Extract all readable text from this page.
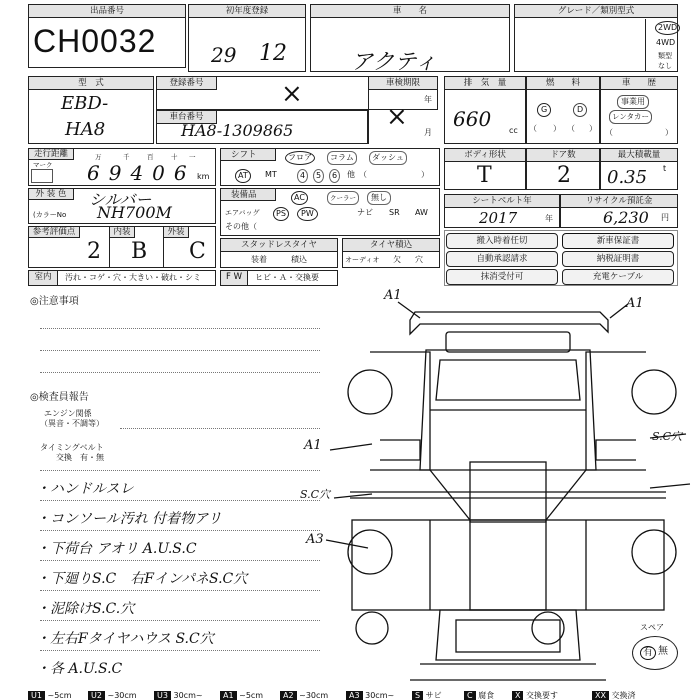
出品番号
CH0032
初年度登録
29 12
車　　名
アクティ
グレード／類別型式
2WD
4WD
類型
なし
型　式
EBD-
HA8
登録番号	×	車検期限
年
月
×
車台番号
HA8-1309865
排　気　量
660 cc
燃　　料
G	D
（ ） （ ）
車　　歴
事業用
レンタカー
（	）
走行距離
マーク
万	千	百	十 一
69406 km
シフト	フロア	コラム	ダッシュ
AT	MT	4	5	6	他 （	）
ボディ形状
T
ドア数
2
最大積載量
0.35 t
外 装 色	シルバー
(カラーNo NH700M
装備品	AC	クーラー	無し
エアバッグ	PS	PW	ナビ SR AW
その他（
シートベルト年
2017	年
リサイクル預託金
6,230 円
参考評価点
2
内装
B
外装
C	スタッドレスタイヤ
装着	積込
タイヤ積込
オーディオ 欠 穴
室内	汚れ・コゲ・穴・大きい・破れ・シミ	F W	ヒビ・Ａ・交換要
搬入時着任切	新車保証書
自動承認請求	納税証明書
抹消受付可	充電ケーブル
◎注意事項
◎検査員報告
エンジン関係
（異音・不調等）
タイミングベルト
交換　有・無
・ハンドルスレ
・コンソール汚れ 付着物アリ
・下荷台 アオリ A.U.S.C
・下廻りS.C　右FインパネS.C穴
・泥除けS.C.穴
・左右Fタイヤハウス S.C穴
・各 A.U.S.C
A1
A1
A1
S.C穴
A3
S.C穴
スペア
有 無
U1 ~5cm	U2 ~30cm	U3 30cm~	A1 ~5cm	A2 ~30cm	A3 30cm~	S サビ	C 腐食	X 交換要す	XX 交換済
